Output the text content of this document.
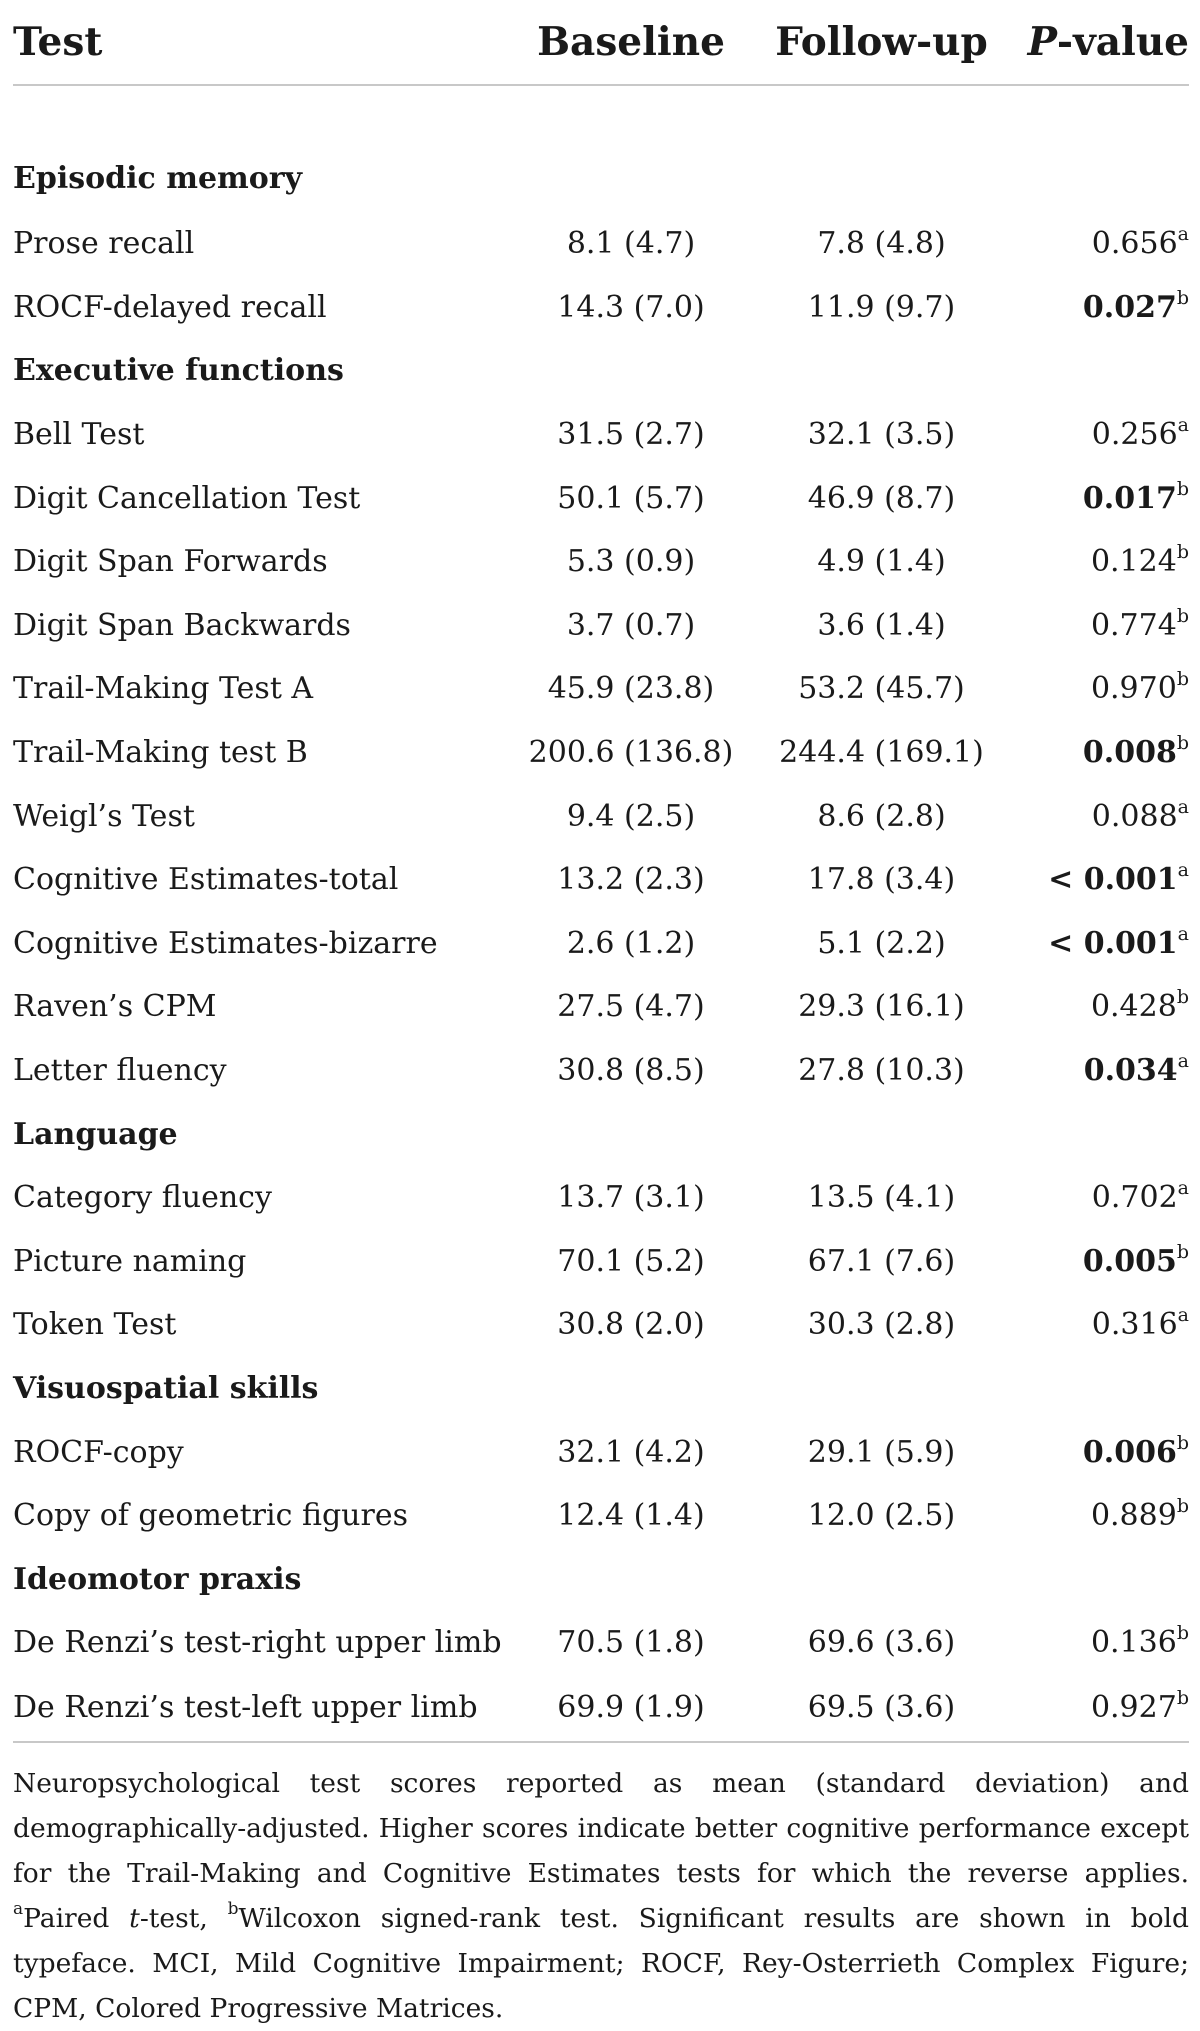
Test	Baseline	Follow-up	P-value
Episodic memory			
Prose recall	8.1 (4.7)	7.8 (4.8)	0.656$^a$
ROCF-delayed recall	14.3 (7.0)	11.9 (9.7)	0.027$^b$
Executive functions			
Bell Test	31.5 (2.7)	32.1 (3.5)	0.256$^a$
Digit Cancellation Test	50.1 (5.7)	46.9 (8.7)	0.017$^b$
Digit Span Forwards	5.3 (0.9)	4.9 (1.4)	0.124$^b$
Digit Span Backwards	3.7 (0.7)	3.6 (1.4)	0.774$^b$
Trail-Making Test A	45.9 (23.8)	53.2 (45.7)	0.970$^b$
Trail-Making test B	200.6 (136.8)	244.4 (169.1)	0.008$^b$
Weigl’s Test	9.4 (2.5)	8.6 (2.8)	0.088$^a$
Cognitive Estimates-total	13.2 (2.3)	17.8 (3.4)	< 0.001$^a$
Cognitive Estimates-bizarre	2.6 (1.2)	5.1 (2.2)	< 0.001$^a$
Raven’s CPM	27.5 (4.7)	29.3 (16.1)	0.428$^b$
Letter fluency	30.8 (8.5)	27.8 (10.3)	0.034$^a$
Language			
Category fluency	13.7 (3.1)	13.5 (4.1)	0.702$^a$
Picture naming	70.1 (5.2)	67.1 (7.6)	0.005$^b$
Token Test	30.8 (2.0)	30.3 (2.8)	0.316$^a$
Visuospatial skills			
ROCF-copy	32.1 (4.2)	29.1 (5.9)	0.006$^b$
Copy of geometric figures	12.4 (1.4)	12.0 (2.5)	0.889$^b$
Ideomotor praxis			
De Renzi’s test-right upper limb	70.5 (1.8)	69.6 (3.6)	0.136$^b$
De Renzi’s test-left upper limb	69.9 (1.9)	69.5 (3.6)	0.927$^b$

Neuropsychological test scores reported as mean (standard deviation) and demographically-adjusted. Higher scores indicate better cognitive performance except for the Trail-Making and Cognitive Estimates tests for which the reverse applies. $^a$Paired t-test, $^b$Wilcoxon signed-rank test. Significant results are shown in bold typeface. MCI, Mild Cognitive Impairment; ROCF, Rey-Osterrieth Complex Figure; CPM, Colored Progressive Matrices.
